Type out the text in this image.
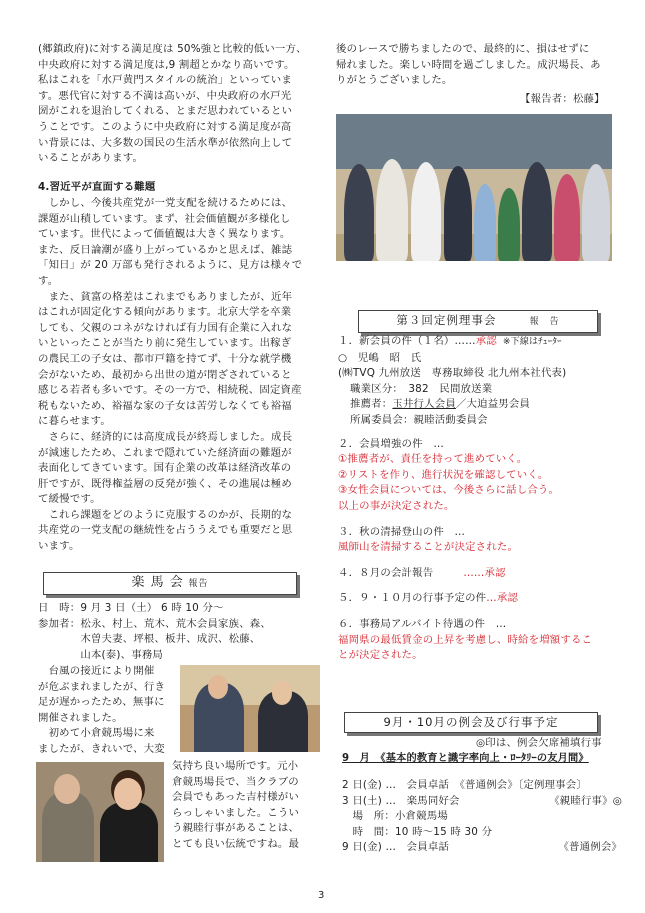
(郷鎮政府)に対する満足度は 50%強と比較的低い一方、

中央政府に対する満足度は,9 割超とかなり高いです。

私はこれを「水戸黄門スタイルの統治」といっていま

す。悪代官に対する不満は高いが、中央政府の水戸光

圀がこれを退治してくれる、とまだ思われているとい

うことです。このように中央政府に対する満足度が高

い背景には、大多数の国民の生活水準が依然向上して

いることがあります。

4.習近平が直面する難題

　しかし、今後共産党が一党支配を続けるためには、

課題が山積しています。まず、社会価値観が多様化し

ています。世代によって価値観は大きく異なります。

また、反日論潮が盛り上がっているかと思えば、雑誌

「知日」が 20 万部も発行されるように、見方は様々で

す。

　また、貧富の格差はこれまでもありましたが、近年

はこれが固定化する傾向があります。北京大学を卒業

しても、父親のコネがなければ有力国有企業に入れな

いといったことが当たり前に発生しています。出稼ぎ

の農民工の子女は、都市戸籍を持てず、十分な就学機

会がないため、最初から出世の道が閉ざされていると

感じる若者も多いです。その一方で、相続税、固定資産

税もないため、裕福な家の子女は苦労しなくても裕福

に暮らせます。

　さらに、経済的には高度成長が終焉しました。成長

が減速したため、これまで隠れていた経済面の難題が

表面化してきています。国有企業の改革は経済改革の

肝ですが、既得権益層の反発が強く、その進展は極め

て緩慢です。

　これら課題をどのように克服するのかが、長期的な

共産党の一党支配の継続性を占ううえでも重要だと思

います。

楽 馬 会 報告

日　時：9 月 3 日（土） 6 時 10 分～

参加者：松永、村上、荒木、荒木会員家族、森、

　　　　木曽夫妻、坪根、板井、成沢、松藤、

　　　　山本(泰)、事務局

　台風の接近により開催

が危ぶまれましたが、行き

足が遅かったため、無事に

開催されました。

　初めて小倉競馬場に来

ましたが、きれいで、大変

気持ち良い場所です。元小

倉競馬場長で、当クラブの

会員でもあった吉村様がい

らっしゃいました。こうい

う親睦行事があることは、

とても良い伝統ですね。最

後のレースで勝ちましたので、最終的に、損はせずに

帰れました。楽しい時間を過ごしました。成沢場長、あ

りがとうございました。

【報告者：松藤】
第３回定例理事会	報　告

１．新会員の件（１名）……承認 ※下線はﾁｭｰﾀｰ

○　児嶋　昭　氏

(㈱TVQ 九州放送　専務取締役 北九州本社代表)

職業区分：　382　民間放送業

推薦者：玉井行人会員／大迫益男会員

所属委員会：親睦活動委員会

２．会員増強の件　…

①推薦者が、責任を持って進めていく。

②リストを作り、進行状況を確認していく。

③女性会員については、今後さらに話し合う。

以上の事が決定された。

３．秋の清掃登山の件　…

風師山を清掃することが決定された。

４．８月の会計報告	……承認

５．９・１０月の行事予定の件…承認

６．事務局アルバイト待遇の件　…

福岡県の最低賃金の上昇を考慮し、時給を増額するこ

とが決定された。

9月・10月の例会及び行事予定
◎印は、例会欠席補填行事
9　月　《基本的教育と識字率向上・ﾛｰﾀﾘｰの友月間》

2 日(金) …　会員卓話　《普通例会》〔定例理事会〕

3 日(土) …　楽馬同好会	《親睦行事》◎

　場　所：小倉競馬場

　時　間：10 時～15 時 30 分

9 日(金) …　会員卓話	《普通例会》

3
